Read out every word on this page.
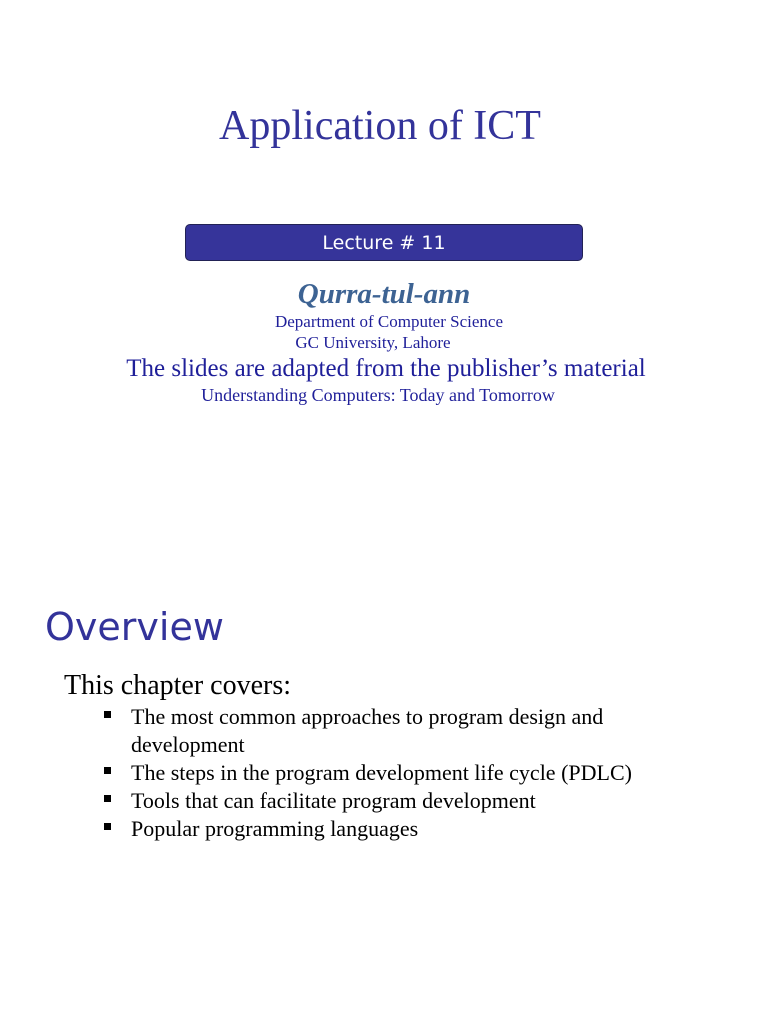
Application of ICT
Lecture # 11
Qurra-tul-ann
Department of Computer Science
GC University, Lahore
The slides are adapted from the publisher’s material
Understanding Computers: Today and Tomorrow
Overview
This chapter covers:
The most common approaches to program design and development
The steps in the program development life cycle (PDLC)
Tools that can facilitate program development
Popular programming languages
